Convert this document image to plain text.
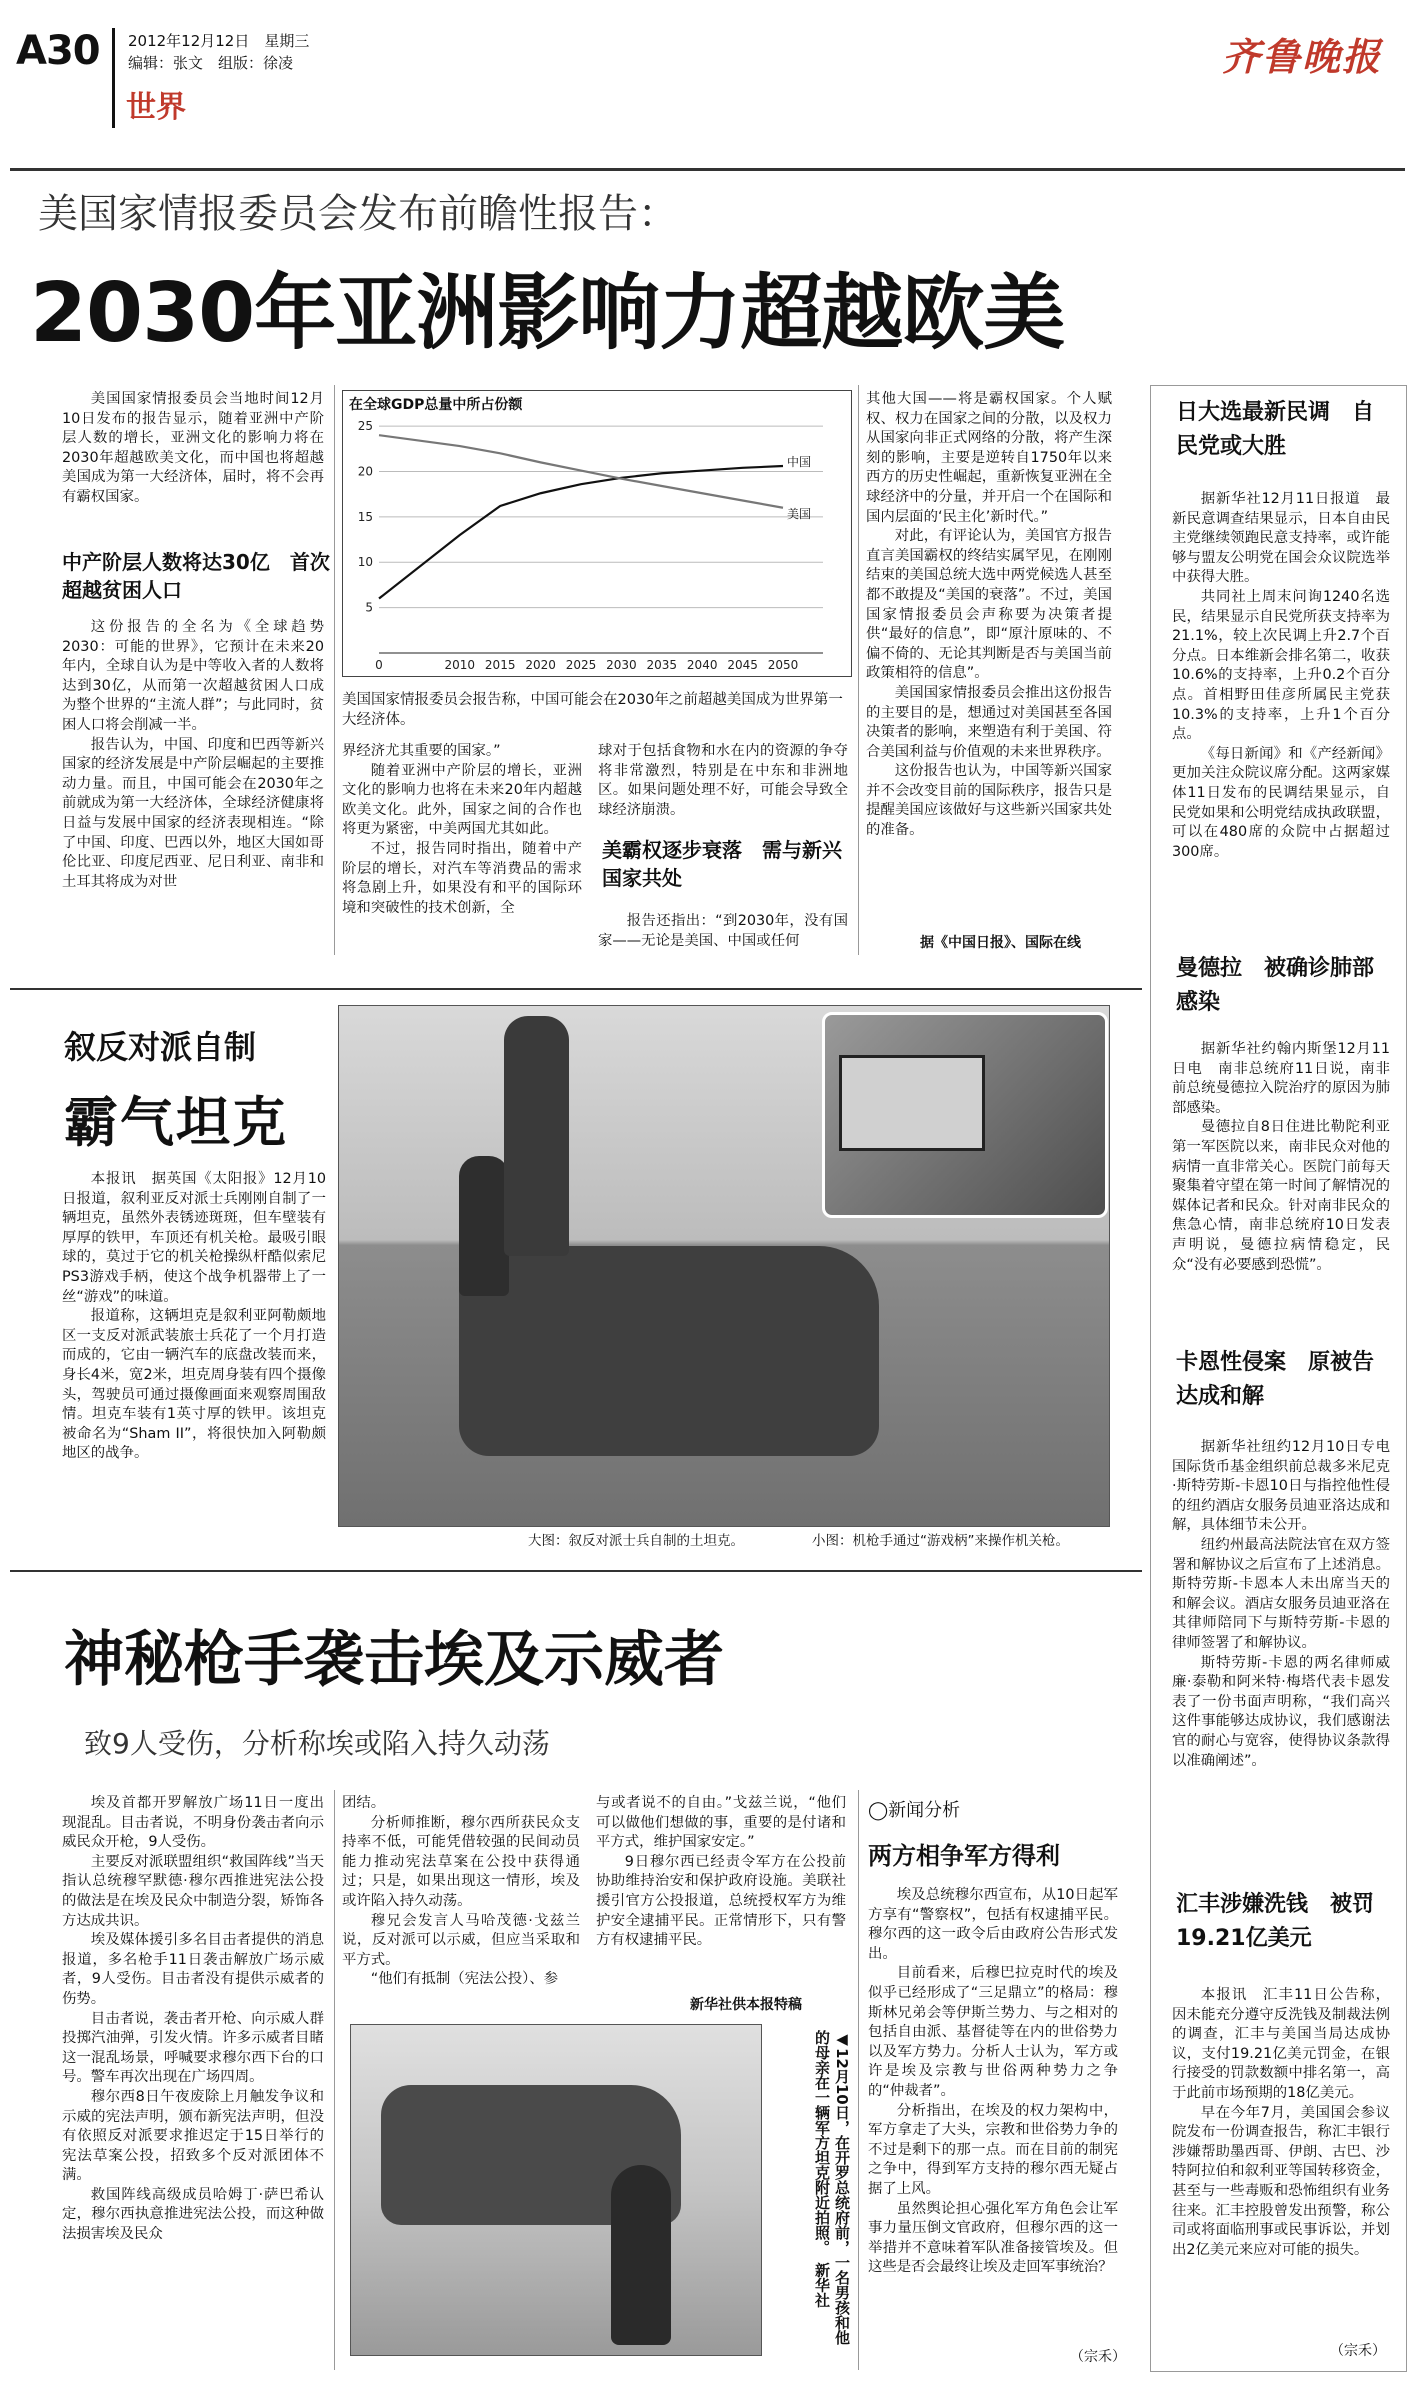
A30 2012年12月12日　星期三
编辑：张文　组版：徐凌
世界
齐鲁晚报
美国家情报委员会发布前瞻性报告：
2030年亚洲影响力超越欧美

美国国家情报委员会当地时间12月10日发布的报告显示，随着亚洲中产阶层人数的增长，亚洲文化的影响力将在2030年超越欧美文化，而中国也将超越美国成为第一大经济体，届时，将不会再有霸权国家。

中产阶层人数将达30亿　首次超越贫困人口

这份报告的全名为《全球趋势2030：可能的世界》，它预计在未来20年内，全球自认为是中等收入者的人数将达到30亿，从而第一次超越贫困人口成为整个世界的“主流人群”；与此同时，贫困人口将会削减一半。

报告认为，中国、印度和巴西等新兴国家的经济发展是中产阶层崛起的主要推动力量。而且，中国可能会在2030年之前就成为第一大经济体，全球经济健康将日益与发展中国家的经济表现相连。“除了中国、印度、巴西以外，地区大国如哥伦比亚、印度尼西亚、尼日利亚、南非和土耳其将成为对世

在全球GDP总量中所占份额
5
10
15
20
25
0	2010 2015 2020 2025 2030 2035 2040 2045 2050
中国
美国
美国国家情报委员会报告称，中国可能会在2030年之前超越美国成为世界第一大经济体。

界经济尤其重要的国家。”

随着亚洲中产阶层的增长，亚洲文化的影响力也将在未来20年内超越欧美文化。此外，国家之间的合作也将更为紧密，中美两国尤其如此。

不过，报告同时指出，随着中产阶层的增长，对汽车等消费品的需求将急剧上升，如果没有和平的国际环境和突破性的技术创新，全

球对于包括食物和水在内的资源的争夺将非常激烈，特别是在中东和非洲地区。如果问题处理不好，可能会导致全球经济崩溃。

美霸权逐步衰落　需与新兴国家共处

报告还指出：“到2030年，没有国家——无论是美国、中国或任何

其他大国——将是霸权国家。个人赋权、权力在国家之间的分散，以及权力从国家向非正式网络的分散，将产生深刻的影响，主要是逆转自1750年以来西方的历史性崛起，重新恢复亚洲在全球经济中的分量，并开启一个在国际和国内层面的‘民主化’新时代。”

对此，有评论认为，美国官方报告直言美国霸权的终结实属罕见，在刚刚结束的美国总统大选中两党候选人甚至都不敢提及“美国的衰落”。不过，美国国家情报委员会声称要为决策者提供“最好的信息”，即“原汁原味的、不偏不倚的、无论其判断是否与美国当前政策相符的信息”。

美国国家情报委员会推出这份报告的主要目的是，想通过对美国甚至各国决策者的影响，来塑造有利于美国、符合美国利益与价值观的未来世界秩序。

这份报告也认为，中国等新兴国家并不会改变目前的国际秩序，报告只是提醒美国应该做好与这些新兴国家共处的准备。

据《中国日报》、国际在线
日大选最新民调　自民党或大胜

据新华社12月11日报道　最新民意调查结果显示，日本自由民主党继续领跑民意支持率，或许能够与盟友公明党在国会众议院选举中获得大胜。

共同社上周末问询1240名选民，结果显示自民党所获支持率为21.1%，较上次民调上升2.7个百分点。日本维新会排名第二，收获10.6%的支持率，上升0.2个百分点。首相野田佳彦所属民主党获10.3%的支持率，上升1个百分点。

《每日新闻》和《产经新闻》更加关注众院议席分配。这两家媒体11日发布的民调结果显示，自民党如果和公明党结成执政联盟，可以在480席的众院中占据超过300席。

曼德拉　被确诊肺部感染

据新华社约翰内斯堡12月11日电　南非总统府11日说，南非前总统曼德拉入院治疗的原因为肺部感染。

曼德拉自8日住进比勒陀利亚第一军医院以来，南非民众对他的病情一直非常关心。医院门前每天聚集着守望在第一时间了解情况的媒体记者和民众。针对南非民众的焦急心情，南非总统府10日发表声明说，曼德拉病情稳定，民众“没有必要感到恐慌”。

卡恩性侵案　原被告达成和解

据新华社纽约12月10日专电　国际货币基金组织前总裁多米尼克·斯特劳斯-卡恩10日与指控他性侵的纽约酒店女服务员迪亚洛达成和解，具体细节未公开。

纽约州最高法院法官在双方签署和解协议之后宣布了上述消息。斯特劳斯-卡恩本人未出席当天的和解会议。酒店女服务员迪亚洛在其律师陪同下与斯特劳斯-卡恩的律师签署了和解协议。

斯特劳斯-卡恩的两名律师威廉·泰勒和阿米特·梅塔代表卡恩发表了一份书面声明称，“我们高兴这件事能够达成协议，我们感谢法官的耐心与宽容，使得协议条款得以准确阐述”。

汇丰涉嫌洗钱　被罚19.21亿美元

本报讯　汇丰11日公告称，因未能充分遵守反洗钱及制裁法例的调查，汇丰与美国当局达成协议，支付19.21亿美元罚金，在银行接受的罚款数额中排名第一，高于此前市场预期的18亿美元。

早在今年7月，美国国会参议院发布一份调查报告，称汇丰银行涉嫌帮助墨西哥、伊朗、古巴、沙特阿拉伯和叙利亚等国转移资金，甚至与一些毒贩和恐怖组织有业务往来。汇丰控股曾发出预警，称公司或将面临刑事或民事诉讼，并划出2亿美元来应对可能的损失。

（宗禾）
叙反对派自制
霸气坦克

本报讯　据英国《太阳报》12月10日报道，叙利亚反对派士兵刚刚自制了一辆坦克，虽然外表锈迹斑斑，但车壁装有厚厚的铁甲，车顶还有机关枪。最吸引眼球的，莫过于它的机关枪操纵杆酷似索尼PS3游戏手柄，使这个战争机器带上了一丝“游戏”的味道。

报道称，这辆坦克是叙利亚阿勒颇地区一支反对派武装旅士兵花了一个月打造而成的，它由一辆汽车的底盘改装而来，身长4米，宽2米，坦克周身装有四个摄像头，驾驶员可通过摄像画面来观察周围敌情。坦克车装有1英寸厚的铁甲。该坦克被命名为“Sham II”，将很快加入阿勒颇地区的战争。

大图：叙反对派士兵自制的土坦克。	小图：机枪手通过“游戏柄”来操作机关枪。
神秘枪手袭击埃及示威者
致9人受伤，分析称埃或陷入持久动荡

埃及首都开罗解放广场11日一度出现混乱。目击者说，不明身份袭击者向示威民众开枪，9人受伤。

主要反对派联盟组织“救国阵线”当天指认总统穆罕默德·穆尔西推进宪法公投的做法是在埃及民众中制造分裂，矫饰各方达成共识。

埃及媒体援引多名目击者提供的消息报道，多名枪手11日袭击解放广场示威者，9人受伤。目击者没有提供示威者的伤势。

目击者说，袭击者开枪、向示威人群投掷汽油弹，引发火情。许多示威者目睹这一混乱场景，呼喊要求穆尔西下台的口号。警车再次出现在广场四周。

穆尔西8日午夜废除上月触发争议和示威的宪法声明，颁布新宪法声明，但没有依照反对派要求推迟定于15日举行的宪法草案公投，招致多个反对派团体不满。

救国阵线高级成员哈姆丁·萨巴希认定，穆尔西执意推进宪法公投，而这种做法损害埃及民众

团结。

分析师推断，穆尔西所获民众支持率不低，可能凭借较强的民间动员能力推动宪法草案在公投中获得通过；只是，如果出现这一情形，埃及或许陷入持久动荡。

穆兄会发言人马哈茂德·戈兹兰说，反对派可以示威，但应当采取和平方式。

“他们有抵制（宪法公投）、参

与或者说不的自由。”戈兹兰说，“他们可以做他们想做的事，重要的是付诸和平方式，维护国家安定。”

9日穆尔西已经责令军方在公投前协助维持治安和保护政府设施。美联社援引官方公投报道，总统授权军方为维护安全逮捕平民。正常情形下，只有警方有权逮捕平民。

新华社供本报特稿
◀12月10日，在开罗总统府前，一名男孩和他的母亲在一辆军方坦克附近拍照。　新华社
◯新闻分析
两方相争军方得利

埃及总统穆尔西宣布，从10日起军方享有“警察权”，包括有权逮捕平民。穆尔西的这一政令后由政府公告形式发出。

目前看来，后穆巴拉克时代的埃及似乎已经形成了“三足鼎立”的格局：穆斯林兄弟会等伊斯兰势力、与之相对的包括自由派、基督徒等在内的世俗势力以及军方势力。分析人士认为，军方或许是埃及宗教与世俗两种势力之争的“仲裁者”。

分析指出，在埃及的权力架构中，军方拿走了大头，宗教和世俗势力争的不过是剩下的那一点。而在目前的制宪之争中，得到军方支持的穆尔西无疑占据了上风。

虽然舆论担心强化军方角色会让军事力量压倒文官政府，但穆尔西的这一举措并不意味着军队准备接管埃及。但这些是否会最终让埃及走回军事统治？

（宗禾）
